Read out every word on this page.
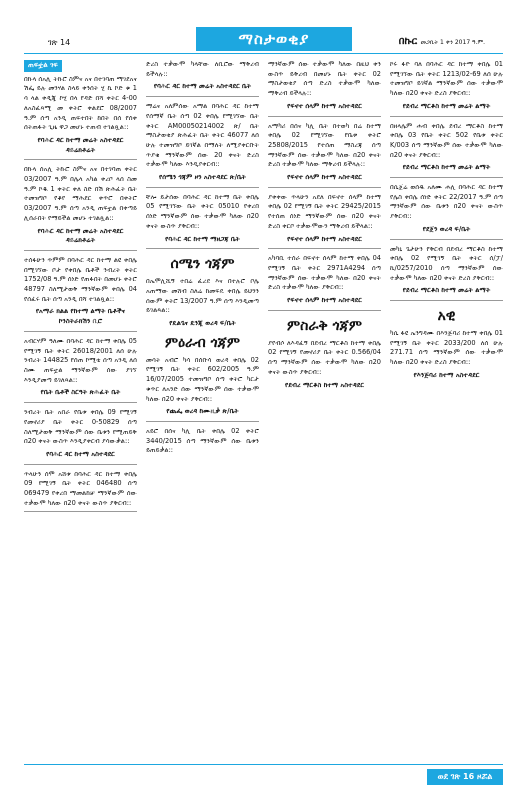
ገጽ 14	ማስታወቂያ	በኩር መጋቢት 1 ቀን 2017 ዓ.ም.
ጠፍቷል ገፍ

በኩላ ሰአሊ ትኩሮ ስምና አና በተገባጠ ማገደአና ሽፌ ይሉ መንሃል ስላይ ቀንሰት ሂ ኬ ኮድ ቁ 1 ሳ ላል ቀዲጂ ኮሂ በላ የዳድ በሻ ቀትር 4-00 ለአስፈጻሚ መ ቀትሮ ቀልደሮ 08/2007 ዓ.ም ሰጣ አንዲ ጠፍተበት ከበት በሰ የሰቀ ሰትጠፋት ጊዜ ዋጋ መሆኑ ተጠብ ተገልጿል::

የባሕር ዳር ከተማ መሬት አስተዳደር ዳይሬክቶሬት

በኩላ ሰአሊ ትኩሮ ስምና አና በተገባጠ ቀትር 03/2007 ዓ.ም በሌላ አካል ቀረቦ ላሰ ስመ ዓ.ም ኮዱ 1 ቀትር ቀለ ስድ በሽ ጽሕፈት ቤት ተመዝግቦ የቆየ ማሕደር ቀጥሮ በቀትሮ 03/2007 ዓ.ም ሰጣ አንዲ ጠፍቷል በቀጣይ ሊሰራበት የማይችል መሆኑ ተገልጿል::

የባሕር ዳር ከተማ መሬት አስተዳደር ዳይሬክቶሬት

ተሰፋሁን ጥምም በባሕር ዳር ከተማ ልዩ ቀበሌ በሚገኘው ቦታ የቀበሌ ቤቶች ንብረት ቀትር 1752/08 ዓ.ም ሰነድ የጠፋበት በመሆኑ ቀትሮ 48797 ስለሚታወቅ ማንኛውም ቀበሌ 04 የሰፈሩ ቤት ሰጣ አንዲ በሻ ተገልጿል::

የአማራ ክልል የከተማ ልማት ቤቶችና ኮንስትራክሽን ቢሮ

አብርሃም ዓለሙ በባሕር ዳር ከተማ ቀበሌ 05 የሚገኝ ቤት ቀትር 26018/2001 ለሰ ሁሉ ንብረት 144825 የሰጠ ኮሚቴ ሰጣ አንዲ ለሰ ስሙ ጠፍቷል ማንኛውም ሰው ያገኘ እንዲያመጣ ይገለጻል::

የቤት ቤቶች ስርዓት ጽሕፈት ቤት

ንብረት ቤት አበራ የቤቱ ቀበሌ 09 የሚገኝ የመኖሪያ ቤት ቀትር 0-50829 ሰጣ ስለሚታወቅ ማንኛውም ሰው ቤቱን የሚጠይቅ በ20 ቀናት ውስጥ እንዲያቀርብ ያሳውቃል::

የባሕር ዳር ከተማ አስተዳደር

ጥላሁን ሰሞ አሸቱ በባሕር ዳር ከተማ ቀበሌ 09 የሚገኝ ቤት ቀትር 046480 ሰጣ 069479 የቀረበ ማመልከቻ ማንኛውም ሰው ተቃውሞ ካለው በ20 ቀናት ውስጥ ያቅርብ::

ድረስ ተቃውሞ ካላቸው ለቢሮው ማቅረብ ይችላሉ::

የባሕር ዳር ከተማ መሬት አስተዳደር ቤት

ማሬና አለምሰው አማል በባሕር ዳር ከተማ የሰማኛ ቤት ሰጣ 02 ቀበሌ የሚገኘው ቤት ቀትር AM00050214002 ጽ/ ቤት ማስታወቂያ ጽሕፈት ቤት ቀትር 46077 ለሰ ሁሉ ተመዝግቦ ይገኛል በማለት ለሚያቀርቡት ጥያቄ ማንኛውም ሰው 20 ቀናት ድረስ ተቃውሞ ካለው እንዲያቀርብ::

የሰሜን ጎጃም ዞን አስተዳደር ጽ/ቤት

ቸሎ ይታሰው በባሕር ዳር ከተማ ቤት ቀበሌ 05 የሚገኘው ቤት ቀትር 05010 የቀረበ ሰነድ ማንኛውም ሰው ተቃውሞ ካለው በ20 ቀናት ውስጥ ያቅርብ::

የባሕር ዳር ከተማ ማዘጋጃ ቤት
ሰሜን ጎጃም

በኤሞሊሺኝ ተበሬ ፈረደ እና በተሉሮ ቦሌ አጠማው መሸብ ስለሬ ከመፍዴ ቀበሌ ይህንን ሰውም ቀትሮ 13/2007 ዓ.ም ሰጣ እንዲመጣ ይገልጻል::

የዴልጌና ዴንጂ ወረዳ ፍ/ቤት
ምዕራብ ጎጃም

መሳት አብሮ ካሳ በሰቡሳ ወረዳ ቀበሌ 02 የሚገኝ ቤት ቀትር 602/2005 ዓ.ም 16/07/2005 ተመዝግቦ ሰጣ ቀትሮ ካርታ ቁጥር ለአንድ ሰው ማንኛውም ሰው ተቃውሞ ካለው በ20 ቀናት ያቅርብ::

የጨፌ ወረዳ ከሙዚቃ ጽ/ቤት

አይሮ በሰና ካሊ ቤት ቀበሌ 02 ቀትሮ 3440/2015 ሰጣ ማንኛውም ሰው ቤቱን ይጠይቃል::

ማንኛውም ሰው ተቃውሞ ካለው በዚህ ቀን ውስጥ ይቅረብ በመሆኑ ቤት ቀትር 02 ማስታወቂያ ሰጣ ድረስ ተቃውሞ ካለው ማቅረብ ይችላሉ::

የፍኖተ ሰላም ከተማ አስተዳደር

አማካሪ በሰና ካሊ ቤት በተወካ በሬ ከተማ ቀበሌ 02 የሚገኘው የቤቱ ቀትሮ 25808/2015 የተሰጠ ማስረጃ ሰጣ ማንኛውም ሰው ተቃውሞ ካለው በ20 ቀናት ድረስ ተቃውሞ ካለው ማቅረብ ይችላሉ::

የፍኖተ ሰላም ከተማ አስተዳደር

ያቀቀው ጥላሁን አደለ በፍኖተ ሰላም ከተማ ቀበሌ 02 የሚገኝ ቤት ቀትር 29425/2015 የተሰጠ ሰነድ ማንኛውም ሰው በ20 ቀናት ድረስ ቀርቦ ተቃውሞውን ማቅረብ ይችላል::

የፍኖተ ሰላም ከተማ አስተዳደር

አካባቢ ተሰራ በፍኖተ ሰላም ከተማ ቀበሌ 04 የሚገኝ ቤት ቀትር 2971A4294 ሰጣ ማንኛውም ሰው ተቃውሞ ካለው በ20 ቀናት ድረስ ተቃውሞ ካለው ያቅርብ::

የፍኖተ ሰላም ከተማ አስተዳደር
ምስራቅ ጎጃም

ያየብሶ ለእዳፈኝ በደብረ ማርቆስ ከተማ ቀበሌ 02 የሚገኝ የመኖሪያ ቤት ቀትር 0.566/04 ሰጣ ማንኛውም ሰው ተቃውሞ ካለው በ20 ቀናት ውስጥ ያቅርብ::

የደብረ ማርቆስ ከተማ አስተዳደር

ኮሩ ፋዮ ባለ በባሕር ዳር ከተማ ቀበሌ 01 የሚገኘው ቤት ቀትር 1213/02-69 ለሰ ሁሉ ተመዝግቦ ይገኛል ማንኛውም ሰው ተቃውሞ ካለው በ20 ቀናት ድረስ ያቅርብ::

የደብረ ማርቆስ ከተማ መሬት ልማት

በዘላሌም ሐብ ቀበሌ ደብረ ማርቆስ ከተማ ቀበሌ 03 የቤት ቀትር 502 የቤቱ ቀትር K/003 ሰጣ ማንኛውም ሰው ተቃውሞ ካለው በ20 ቀናት ያቅርብ::

የደብረ ማርቆስ ከተማ መሬት ልማት

በሴጀሬ ወሰዱ አለሙ ሐሊ በባሕር ዳር ከተማ የሌስ ቀበሌ ሰነድ ቀትር 22/2017 ዓ.ም ሰጣ ማንኛውም ሰው ቤቱን በ20 ቀናት ውስጥ ያቅርብ::

የደጀን ወረዳ ፍ/ቤት

መካኒ ጌታሁን የቅርብ በደብረ ማርቆስ ከተማ ቀበሌ 02 የሚገኝ ቤት ቀትር ሰ/ፓ/ኬ/0257/2010 ሰጣ ማንኛውም ሰው ተቃውሞ ካለው በ20 ቀናት ድረስ ያቅርብ::

የደብረ ማርቆስ ከተማ መሬት ልማት
አዊ

ካሴ ፋዩ ኤንግዳሙ በእንጅባሪ ከተማ ቀበሌ 01 የሚገኝ ቤት ቀትር 2033/200 ለሰ ሁሉ 271.71 ሰጣ ማንኛውም ሰው ተቃውሞ ካለው በ20 ቀናት ድረስ ያቅርብ::

የእንጅባሪ ከተማ አስተዳደር
ወደ ገጽ 16 ዞሯል
